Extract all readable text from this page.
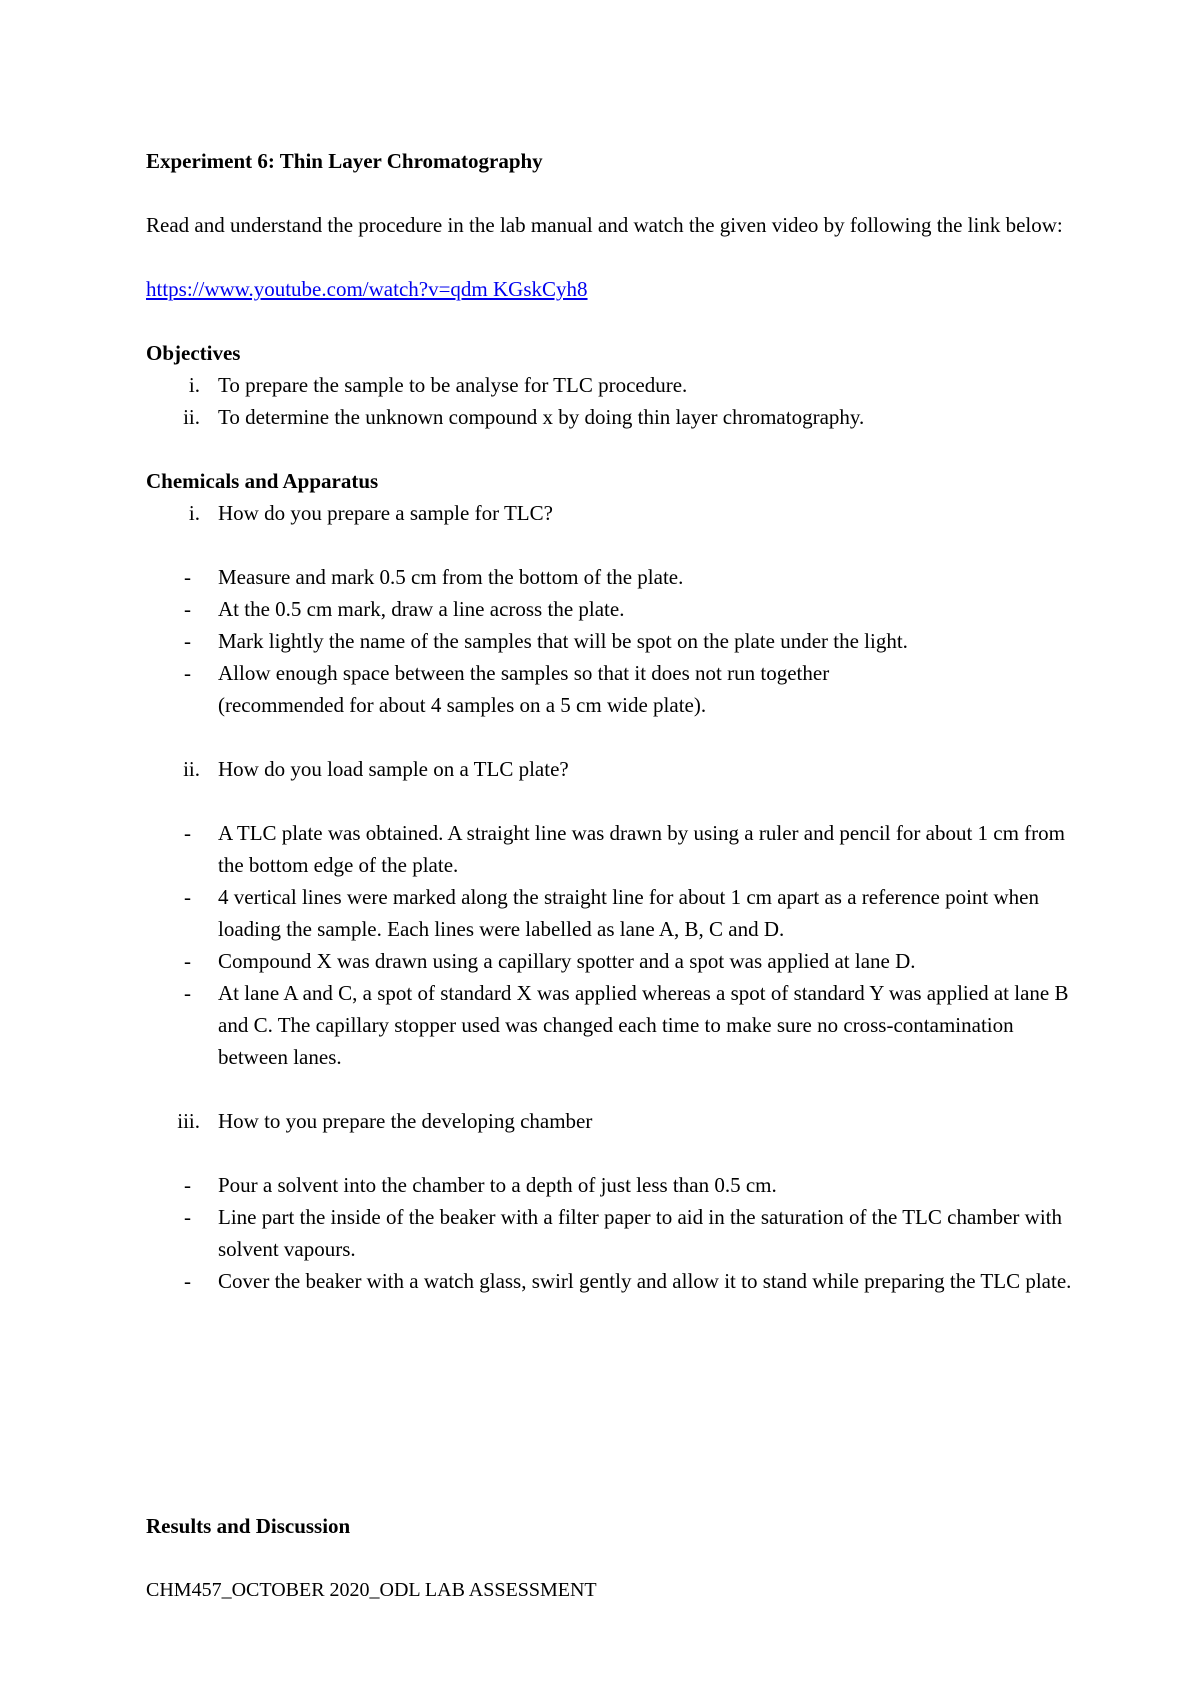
Experiment 6: Thin Layer Chromatography

Read and understand the procedure in the lab manual and watch the given video by following the link below:

https://www.youtube.com/watch?v=qdm KGskCyh8

Objectives

i. To prepare the sample to be analyse for TLC procedure.
ii. To determine the unknown compound x by doing thin layer chromatography.

Chemicals and Apparatus

i. How do you prepare a sample for TLC?
-	Measure and mark 0.5 cm from the bottom of the plate.
-	At the 0.5 cm mark, draw a line across the plate.
-	Mark lightly the name of the samples that will be spot on the plate under the light.
-	Allow enough space between the samples so that it does not run together (recommended for about 4 samples on a 5 cm wide plate).
ii. How do you load sample on a TLC plate?
-	A TLC plate was obtained. A straight line was drawn by using a ruler and pencil for about 1 cm from the bottom edge of the plate.
-	4 vertical lines were marked along the straight line for about 1 cm apart as a reference point when loading the sample. Each lines were labelled as lane A, B, C and D.
-	Compound X was drawn using a capillary spotter and a spot was applied at lane D.
-	At lane A and C, a spot of standard X was applied whereas a spot of standard Y was applied at lane B and C. The capillary stopper used was changed each time to make sure no cross-contamination between lanes.
iii. How to you prepare the developing chamber
-	Pour a solvent into the chamber to a depth of just less than 0.5 cm.
-	Line part the inside of the beaker with a filter paper to aid in the saturation of the TLC chamber with solvent vapours.
-	Cover the beaker with a watch glass, swirl gently and allow it to stand while preparing the TLC plate.
Results and Discussion
CHM457_OCTOBER 2020_ODL LAB ASSESSMENT
